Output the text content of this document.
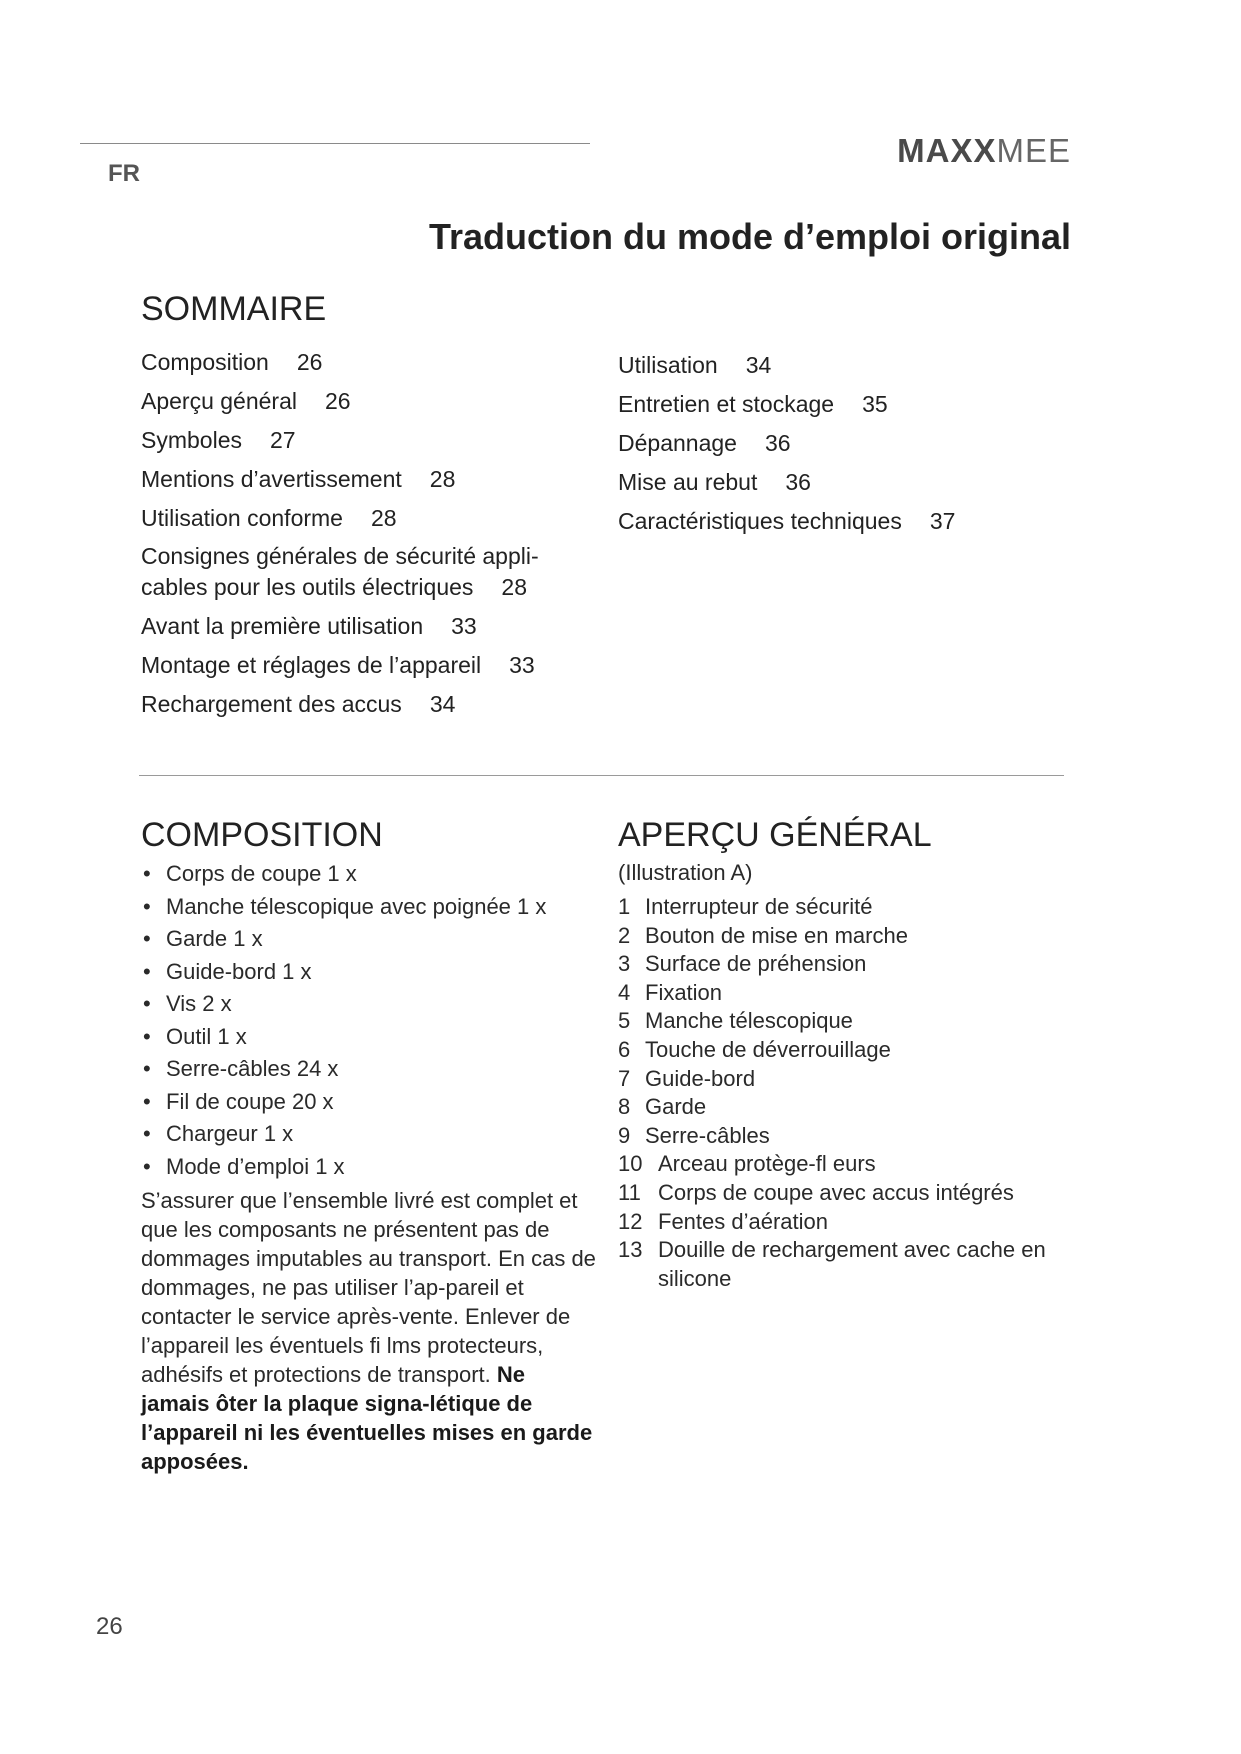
FR
MAXXMEE
Traduction du mode d’emploi original
SOMMAIRE
Composition 26
Aperçu général 26
Symboles 27
Mentions d’avertissement 28
Utilisation conforme 28
Consignes générales de sécurité appli-
cables pour les outils électriques 28
Avant la première utilisation 33
Montage et réglages de l’appareil 33
Rechargement des accus 34
Utilisation 34
Entretien et stockage 35
Dépannage 36
Mise au rebut 36
Caractéristiques techniques 37
COMPOSITION
• Corps de coupe 1 x
• Manche télescopique avec poignée 1 x
• Garde 1 x
• Guide-bord 1 x
• Vis 2 x
• Outil 1 x
• Serre-câbles 24 x
• Fil de coupe 20 x
• Chargeur 1 x
• Mode d’emploi 1 x
S’assurer que l’ensemble livré est complet et que les composants ne présentent pas de dommages imputables au transport. En cas de dommages, ne pas utiliser l’ap-pareil et contacter le service après-vente. Enlever de l’appareil les éventuels fi lms protecteurs, adhésifs et protections de transport. Ne jamais ôter la plaque signa-létique de l’appareil ni les éventuelles mises en garde apposées.
APERÇU GÉNÉRAL
(Illustration A)
1 Interrupteur de sécurité
2 Bouton de mise en marche
3 Surface de préhension
4 Fixation
5 Manche télescopique
6 Touche de déverrouillage
7 Guide-bord
8 Garde
9 Serre-câbles
10 Arceau protège-fl eurs
11 Corps de coupe avec accus intégrés
12 Fentes d’aération
13 Douille de rechargement avec cache en silicone
26
